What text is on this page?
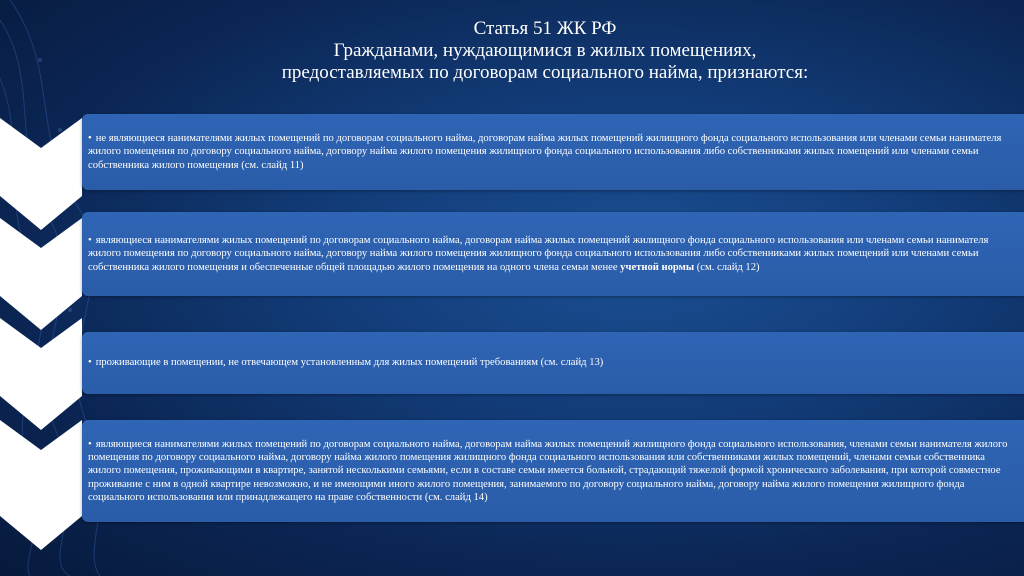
Статья 51 ЖК РФ
Гражданами, нуждающимися в жилых помещениях,
предоставляемых по договорам социального найма, признаются:

• не являющиеся нанимателями жилых помещений по договорам социального найма, договорам найма жилых помещений жилищного фонда социального использования или членами семьи нанимателя жилого помещения по договору социального найма, договору найма жилого помещения жилищного фонда социального использования либо собственниками жилых помещений или членами семьи собственника жилого помещения (см. слайд 11)

• являющиеся нанимателями жилых помещений по договорам социального найма, договорам найма жилых помещений жилищного фонда социального использования или членами семьи нанимателя жилого помещения по договору социального найма, договору найма жилого помещения жилищного фонда социального использования либо собственниками жилых помещений или членами семьи собственника жилого помещения и обеспеченные общей площадью жилого помещения на одного члена семьи менее учетной нормы (см. слайд 12)

• проживающие в помещении, не отвечающем установленным для жилых помещений требованиям (см. слайд 13)

• являющиеся нанимателями жилых помещений по договорам социального найма, договорам найма жилых помещений жилищного фонда социального использования, членами семьи нанимателя жилого помещения по договору социального найма, договору найма жилого помещения жилищного фонда социального использования или собственниками жилых помещений, членами семьи собственника жилого помещения, проживающими в квартире, занятой несколькими семьями, если в составе семьи имеется больной, страдающий тяжелой формой хронического заболевания, при которой совместное проживание с ним в одной квартире невозможно, и не имеющими иного жилого помещения, занимаемого по договору социального найма, договору найма жилого помещения жилищного фонда социального использования или принадлежащего на праве собственности (см. слайд 14)
